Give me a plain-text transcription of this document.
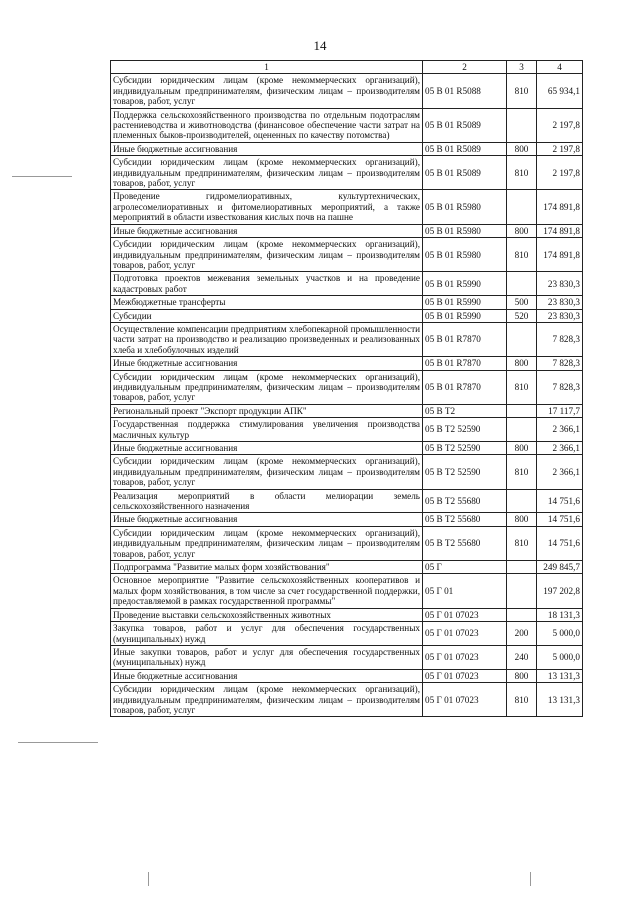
14
1	2	3	4
Субсидии юридическим лицам (кроме некоммерческих организаций), индивидуальным предпринимателям, физическим лицам – производителям товаров, работ, услуг	05 В 01 R5088	810	65 934,1
Поддержка сельскохозяйственного производства по отдельным подотраслям растениеводства и животноводства (финансовое обеспечение части затрат на племенных быков-производителей, оцененных по качеству потомства)	05 В 01 R5089		2 197,8
Иные бюджетные ассигнования	05 В 01 R5089	800	2 197,8
Субсидии юридическим лицам (кроме некоммерческих организаций), индивидуальным предпринимателям, физическим лицам – производителям товаров, работ, услуг	05 В 01 R5089	810	2 197,8
Проведение гидромелиоративных, культуртехнических, агролесомелиоративных и фитомелиоративных мероприятий, а также мероприятий в области известкования кислых почв на пашне	05 В 01 R5980		174 891,8
Иные бюджетные ассигнования	05 В 01 R5980	800	174 891,8
Субсидии юридическим лицам (кроме некоммерческих организаций), индивидуальным предпринимателям, физическим лицам – производителям товаров, работ, услуг	05 В 01 R5980	810	174 891,8
Подготовка проектов межевания земельных участков и на проведение кадастровых работ	05 В 01 R5990		23 830,3
Межбюджетные трансферты	05 В 01 R5990	500	23 830,3
Субсидии	05 В 01 R5990	520	23 830,3
Осуществление компенсации предприятиям хлебопекарной промышленности части затрат на производство и реализацию произведенных и реализованных хлеба и хлебобулочных изделий	05 В 01 R7870		7 828,3
Иные бюджетные ассигнования	05 В 01 R7870	800	7 828,3
Субсидии юридическим лицам (кроме некоммерческих организаций), индивидуальным предпринимателям, физическим лицам – производителям товаров, работ, услуг	05 В 01 R7870	810	7 828,3
Региональный проект "Экспорт продукции АПК"	05 В Т2		17 117,7
Государственная поддержка стимулирования увеличения производства масличных культур	05 В Т2 52590		2 366,1
Иные бюджетные ассигнования	05 В Т2 52590	800	2 366,1
Субсидии юридическим лицам (кроме некоммерческих организаций), индивидуальным предпринимателям, физическим лицам – производителям товаров, работ, услуг	05 В Т2 52590	810	2 366,1
Реализация мероприятий в области мелиорации земель сельскохозяйственного назначения	05 В Т2 55680		14 751,6
Иные бюджетные ассигнования	05 В Т2 55680	800	14 751,6
Субсидии юридическим лицам (кроме некоммерческих организаций), индивидуальным предпринимателям, физическим лицам – производителям товаров, работ, услуг	05 В Т2 55680	810	14 751,6
Подпрограмма "Развитие малых форм хозяйствования"	05 Г		249 845,7
Основное мероприятие "Развитие сельскохозяйственных кооперативов и малых форм хозяйствования, в том числе за счет государственной поддержки, предоставляемой в рамках государственной программы"	05 Г 01		197 202,8
Проведение выставки сельскохозяйственных животных	05 Г 01 07023		18 131,3
Закупка товаров, работ и услуг для обеспечения государственных (муниципальных) нужд	05 Г 01 07023	200	5 000,0
Иные закупки товаров, работ и услуг для обеспечения государственных (муниципальных) нужд	05 Г 01 07023	240	5 000,0
Иные бюджетные ассигнования	05 Г 01 07023	800	13 131,3
Субсидии юридическим лицам (кроме некоммерческих организаций), индивидуальным предпринимателям, физическим лицам – производителям товаров, работ, услуг	05 Г 01 07023	810	13 131,3
